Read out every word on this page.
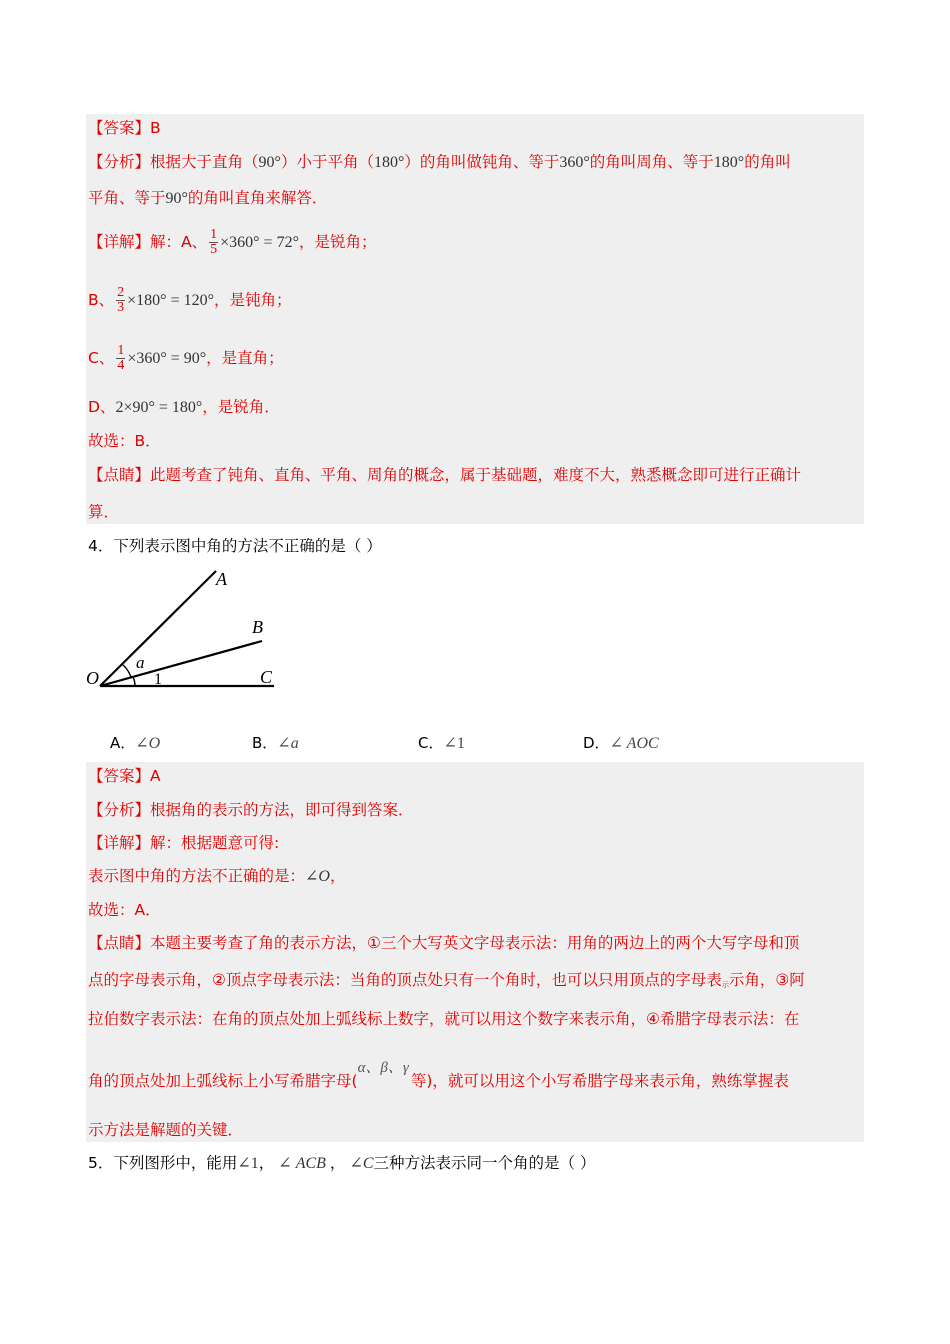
【答案】B
【分析】根据大于直角（90°）小于平角（180°）的角叫做钝角、等于360°的角叫周角、等于180°的角叫
平角、等于90°的角叫直角来解答．
【详解】解：A、 $\frac{1}{5} \times 360^\circ = 72^\circ$，是锐角；
B、 $\frac{2}{3} \times 180^\circ = 120^\circ$，是钝角；
C、 $\frac{1}{4} \times 360^\circ = 90^\circ$，是直角；
D、2×90° = 180°，是锐角．
故选：B．
【点睛】此题考查了钝角、直角、平角、周角的概念，属于基础题，难度不大，熟悉概念即可进行正确计
算．
4．下列表示图中角的方法不正确的是（ ）
A
B
C
O
a
1
A．∠O	B．∠a	C．∠1	D．∠ AOC
【答案】A
【分析】根据角的表示的方法，即可得到答案．
【详解】解：根据题意可得:
表示图中角的方法不正确的是：∠O，
故选：A．
【点睛】本题主要考查了角的表示方法，①三个大写英文字母表示法：用角的两边上的两个大写字母和顶
点的字母表示角，②顶点字母表示法：当角的顶点处只有一个角时，也可以只用顶点的字母表示示角，③阿
拉伯数字表示法：在角的顶点处加上弧线标上数字，就可以用这个数字来表示角，④希腊字母表示法：在
角的顶点处加上弧线标上小写希腊字母(α、β、γ等)，就可以用这个小写希腊字母来表示角，熟练掌握表
示方法是解题的关键．
5．下列图形中，能用∠1， ∠ ACB ， ∠C三种方法表示同一个角的是（ ）
